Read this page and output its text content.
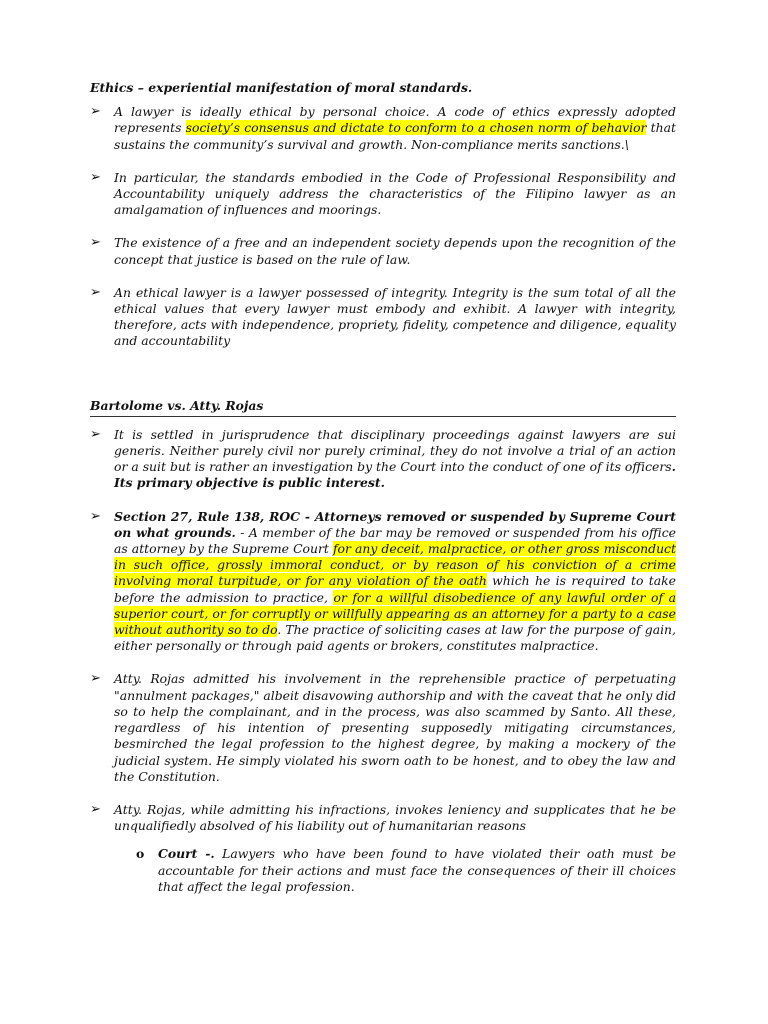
Ethics – experiential manifestation of moral standards.
➢	A lawyer is ideally ethical by personal choice. A code of ethics expressly adopted represents society’s consensus and dictate to conform to a chosen norm of behavior that sustains the community’s survival and growth. Non-compliance merits sanctions.\
➢	In particular, the standards embodied in the Code of Professional Responsibility and Accountability uniquely address the characteristics of the Filipino lawyer as an amalgamation of influences and moorings.
➢	The existence of a free and an independent society depends upon the recognition of the concept that justice is based on the rule of law.
➢	An ethical lawyer is a lawyer possessed of integrity. Integrity is the sum total of all the ethical values that every lawyer must embody and exhibit. A lawyer with integrity, therefore, acts with independence, propriety, fidelity, competence and diligence, equality and accountability
Bartolome vs. Atty. Rojas
➢	It is settled in jurisprudence that disciplinary proceedings against lawyers are sui generis. Neither purely civil nor purely criminal, they do not involve a trial of an action or a suit but is rather an investigation by the Court into the conduct of one of its officers. Its primary objective is public interest.
➢	Section 27, Rule 138, ROC - Attorneys removed or suspended by Supreme Court on what grounds. - A member of the bar may be removed or suspended from his office as attorney by the Supreme Court for any deceit, malpractice, or other gross misconduct in such office, grossly immoral conduct, or by reason of his conviction of a crime involving moral turpitude, or for any violation of the oath which he is required to take before the admission to practice, or for a willful disobedience of any lawful order of a superior court, or for corruptly or willfully appearing as an attorney for a party to a case without authority so to do. The practice of soliciting cases at law for the purpose of gain, either personally or through paid agents or brokers, constitutes malpractice.
➢	Atty. Rojas admitted his involvement in the reprehensible practice of perpetuating "annulment packages," albeit disavowing authorship and with the caveat that he only did so to help the complainant, and in the process, was also scammed by Santo. All these, regardless of his intention of presenting supposedly mitigating circumstances, besmirched the legal profession to the highest degree, by making a mockery of the judicial system. He simply violated his sworn oath to be honest, and to obey the law and the Constitution.
➢	Atty. Rojas, while admitting his infractions, invokes leniency and supplicates that he be unqualifiedly absolved of his liability out of humanitarian reasons
o Court -. Lawyers who have been found to have violated their oath must be accountable for their actions and must face the consequences of their ill choices that affect the legal profession.
